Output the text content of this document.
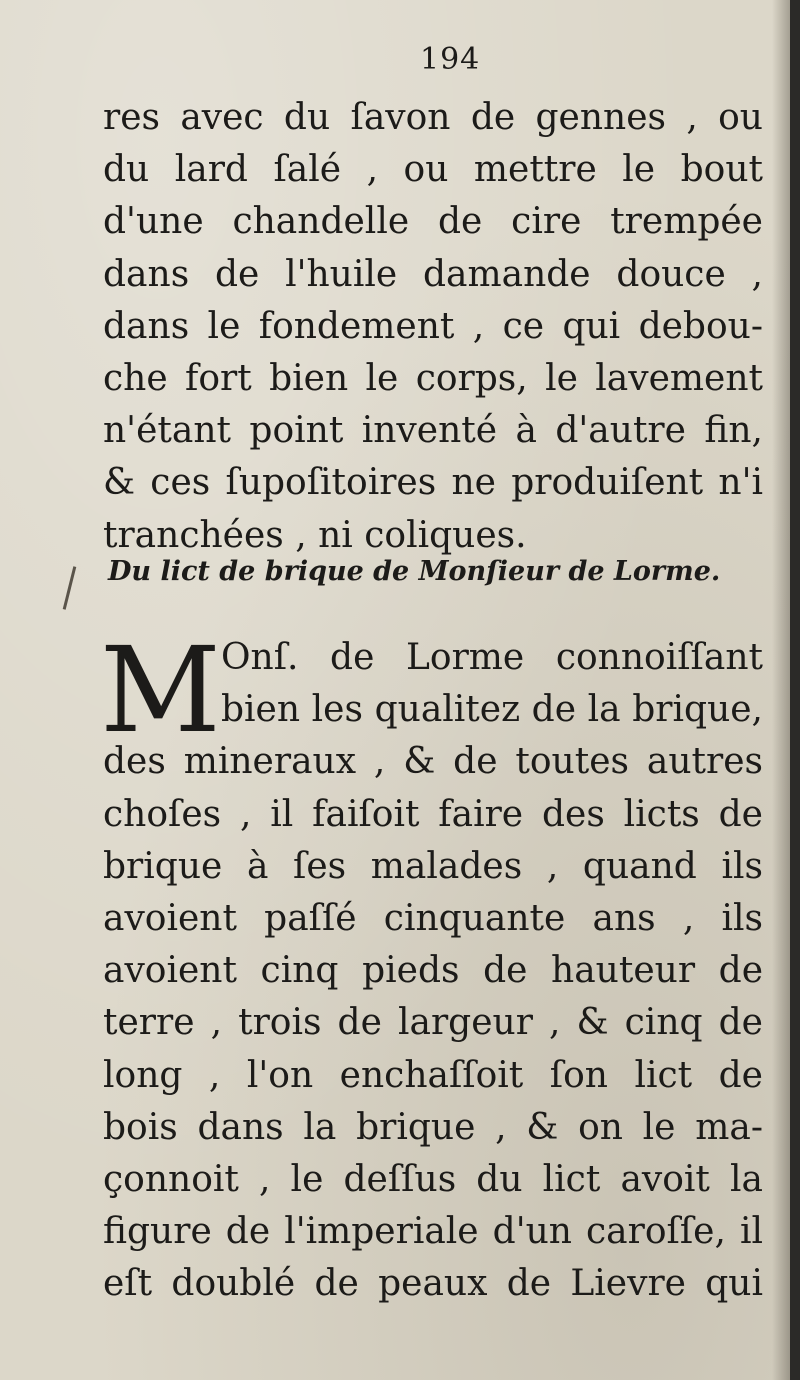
194
res avec du ſavon de gennes , ou
du lard ſalé , ou mettre le bout
d'une chandelle de cire trempée
dans de l'huile damande douce ,
dans le fondement , ce qui debou-
che fort bien le corps, le lavement
n'étant point inventé à d'autre fin,
& ces ſupoſitoires ne produiſent n'i
tranchées , ni coliques.
Du lict de brique de Monſieur de Lorme.
M Onſ. de Lorme connoiſſant
bien les qualitez de la brique,
des mineraux , & de toutes autres
choſes , il faiſoit faire des licts de
brique à ſes malades , quand ils
avoient paſſé cinquante ans , ils
avoient cinq pieds de hauteur de
terre , trois de largeur , & cinq de
long , l'on enchaſſoit ſon lict de
bois dans la brique , & on le ma-
çonnoit , le deſſus du lict avoit la
figure de l'imperiale d'un caroſſe, il
eſt doublé de peaux de Lievre qui
